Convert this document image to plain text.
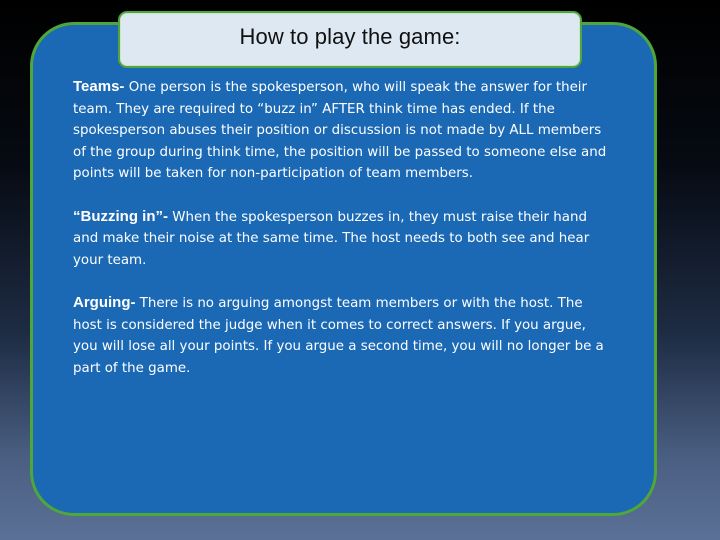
How to play the game:

Teams- One person is the spokesperson, who will speak the answer for their team. They are required to “buzz in” AFTER think time has ended. If the spokesperson abuses their position or discussion is not made by ALL members of the group during think time, the position will be passed to someone else and points will be taken for non-participation of team members.

“Buzzing in”- When the spokesperson buzzes in, they must raise their hand and make their noise at the same time. The host needs to both see and hear your team.

Arguing- There is no arguing amongst team members or with the host. The host is considered the judge when it comes to correct answers. If you argue, you will lose all your points. If you argue a second time, you will no longer be a part of the game.
